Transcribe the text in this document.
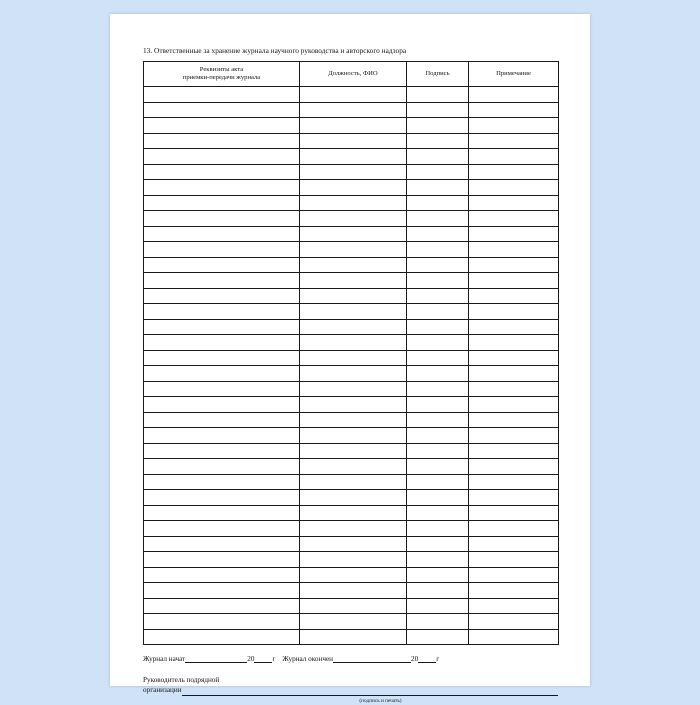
13. Ответственные за хранение журнала научного руководства и авторского надзора
Реквизиты акта
приемки-передачи журнала	Должность, ФИО	Подпись	Примечание

Журнал начат	20	г Журнал окончен	20	г
Руководитель подрядной
организации
(подпись и печать)
